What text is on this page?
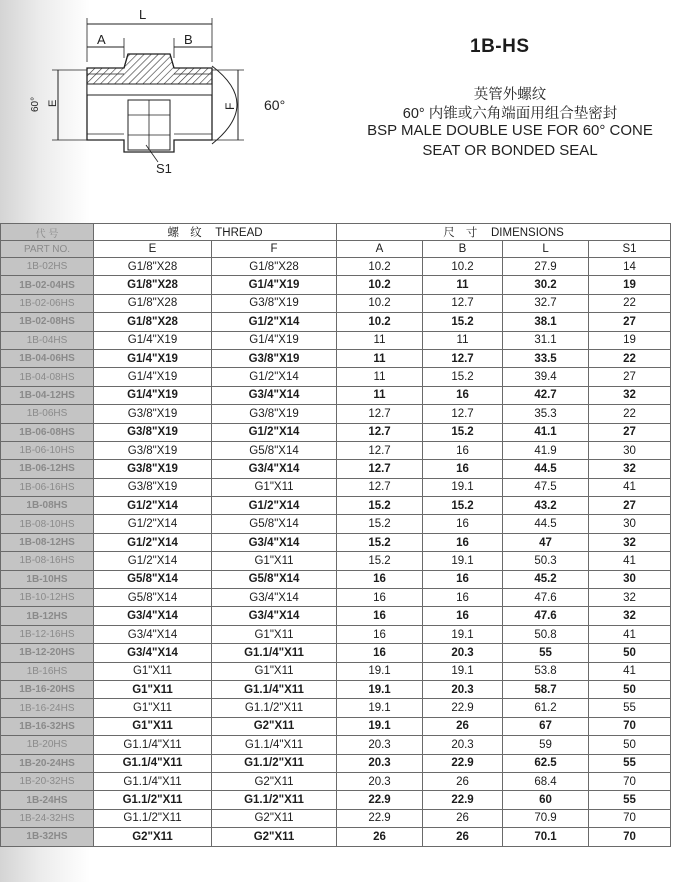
L
A	B
S1
E
60°	F 60°
1B-HS
英管外螺纹
60° 内锥或六角端面用组合垫密封
BSP MALE DOUBLE USE FOR 60° CONE
SEAT OR BONDED SEAL
代 号	螺 纹 THREAD		尺 寸 DIMENSIONS			
PART NO.	E	F	A	B	L	S1
1B-02HS	G1/8"X28	G1/8"X28	10.2	10.2	27.9	14
1B-02-04HS	G1/8"X28	G1/4"X19	10.2	11	30.2	19
1B-02-06HS	G1/8"X28	G3/8"X19	10.2	12.7	32.7	22
1B-02-08HS	G1/8"X28	G1/2"X14	10.2	15.2	38.1	27
1B-04HS	G1/4"X19	G1/4"X19	11	11	31.1	19
1B-04-06HS	G1/4"X19	G3/8"X19	11	12.7	33.5	22
1B-04-08HS	G1/4"X19	G1/2"X14	11	15.2	39.4	27
1B-04-12HS	G1/4"X19	G3/4"X14	11	16	42.7	32
1B-06HS	G3/8"X19	G3/8"X19	12.7	12.7	35.3	22
1B-06-08HS	G3/8"X19	G1/2"X14	12.7	15.2	41.1	27
1B-06-10HS	G3/8"X19	G5/8"X14	12.7	16	41.9	30
1B-06-12HS	G3/8"X19	G3/4"X14	12.7	16	44.5	32
1B-06-16HS	G3/8"X19	G1"X11	12.7	19.1	47.5	41
1B-08HS	G1/2"X14	G1/2"X14	15.2	15.2	43.2	27
1B-08-10HS	G1/2"X14	G5/8"X14	15.2	16	44.5	30
1B-08-12HS	G1/2"X14	G3/4"X14	15.2	16	47	32
1B-08-16HS	G1/2"X14	G1"X11	15.2	19.1	50.3	41
1B-10HS	G5/8"X14	G5/8"X14	16	16	45.2	30
1B-10-12HS	G5/8"X14	G3/4"X14	16	16	47.6	32
1B-12HS	G3/4"X14	G3/4"X14	16	16	47.6	32
1B-12-16HS	G3/4"X14	G1"X11	16	19.1	50.8	41
1B-12-20HS	G3/4"X14	G1.1/4"X11	16	20.3	55	50
1B-16HS	G1"X11	G1"X11	19.1	19.1	53.8	41
1B-16-20HS	G1"X11	G1.1/4"X11	19.1	20.3	58.7	50
1B-16-24HS	G1"X11	G1.1/2"X11	19.1	22.9	61.2	55
1B-16-32HS	G1"X11	G2"X11	19.1	26	67	70
1B-20HS	G1.1/4"X11	G1.1/4"X11	20.3	20.3	59	50
1B-20-24HS	G1.1/4"X11	G1.1/2"X11	20.3	22.9	62.5	55
1B-20-32HS	G1.1/4"X11	G2"X11	20.3	26	68.4	70
1B-24HS	G1.1/2"X11	G1.1/2"X11	22.9	22.9	60	55
1B-24-32HS	G1.1/2"X11	G2"X11	22.9	26	70.9	70
1B-32HS	G2"X11	G2"X11	26	26	70.1	70
